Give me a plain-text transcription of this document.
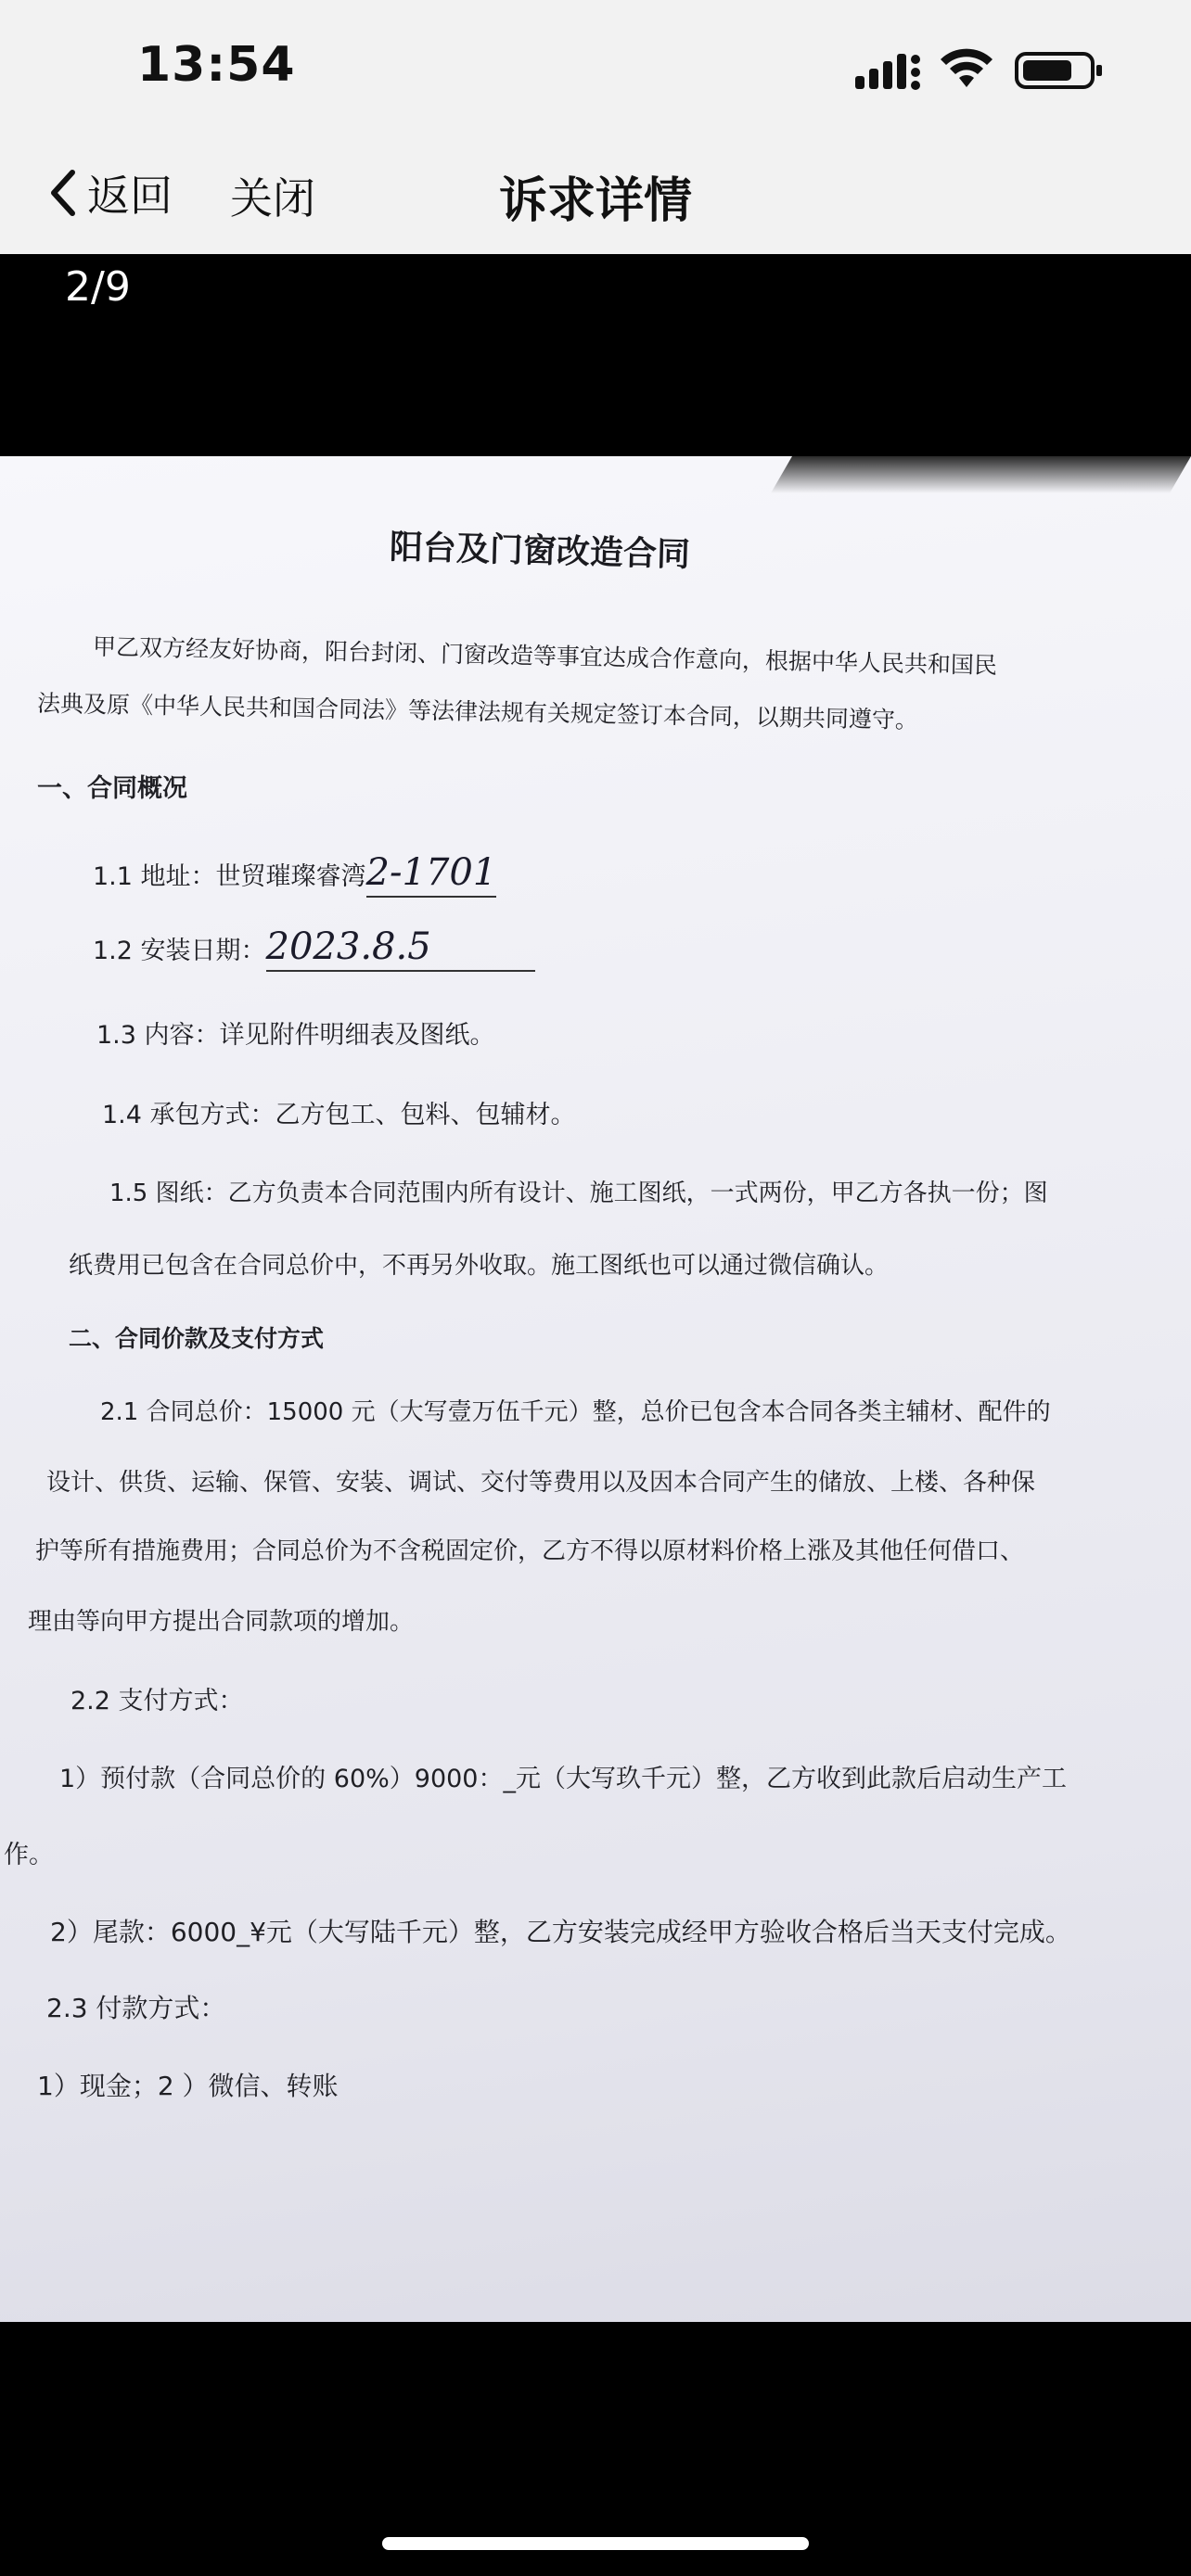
13:54
返回 关闭	诉求详情
2/9
阳台及门窗改造合同
甲乙双方经友好协商，阳台封闭、门窗改造等事宜达成合作意向，根据中华人民共和国民
法典及原《中华人民共和国合同法》等法律法规有关规定签订本合同，以期共同遵守。
一、合同概况
1.1 地址：世贸璀璨睿湾2-1701
1.2 安装日期：2023.8.5
1.3 内容：详见附件明细表及图纸。
1.4 承包方式：乙方包工、包料、包辅材。
1.5 图纸：乙方负责本合同范围内所有设计、施工图纸，一式两份，甲乙方各执一份；图
纸费用已包含在合同总价中，不再另外收取。施工图纸也可以通过微信确认。
二、合同价款及支付方式
2.1 合同总价：15000 元（大写壹万伍千元）整，总价已包含本合同各类主辅材、配件的
设计、供货、运输、保管、安装、调试、交付等费用以及因本合同产生的储放、上楼、各种保
护等所有措施费用；合同总价为不含税固定价，乙方不得以原材料价格上涨及其他任何借口、
理由等向甲方提出合同款项的增加。
2.2 支付方式：
1）预付款（合同总价的 60%）9000：_元（大写玖千元）整，乙方收到此款后启动生产工
作。
2）尾款：6000_¥元（大写陆千元）整，乙方安装完成经甲方验收合格后当天支付完成。
2.3 付款方式：
1）现金；2 ）微信、转账
